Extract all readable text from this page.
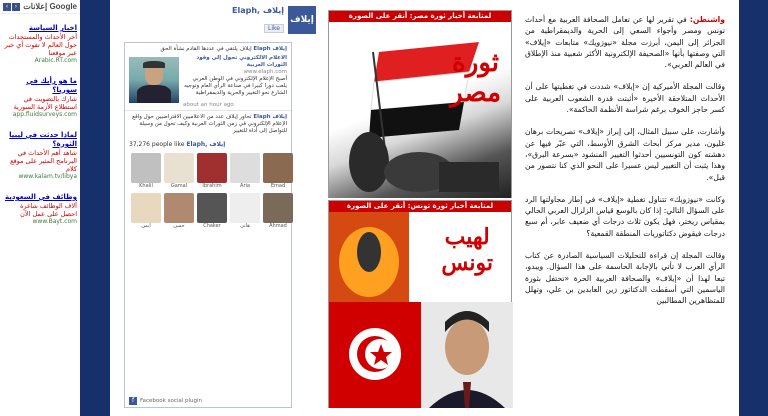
‹	› إعلانات Google
اخبار السياسة
آخر الأحداث والمستجدات حول العالم لا تفوت أي خبر عبر موقعنا
Arabic.RT.com
ما هو رأيك في سوريا؟
شارك بالتصويت في استطلاع الأزمة السورية
app.fluidsurveys.com
لماذا حدثت في ليبيا الثورة؟
شاهد أهم الأحداث في البرنامج المثير على موقع كلام
www.kalam.tv/libya
وظائف في السعودية
آلاف الوظائف شاغرة احصل على عمل الآن
www.Bayt.com
Elaph, إيلاف
Like
إيلاف
إيلاف Elaph إيلاف يلتقي في عددها القادم نشأة الحق
الاعلام الالكتروني تحول إلى وقود الثورات العربية
www.elaph.com
أصبح الإعلام الإلكتروني في الوطن العربي يلعب دورا كبيرا في صناعة الرأي العام وتوجيه الشارع نحو التغيير والحرية والديمقراطية
about an hour ago
إيلاف Elaph تحاور إيلاف عدد من الاعلاميين الافتراضيين حول واقع الإعلام الإلكتروني في زمن الثورات العربية وكيف تحول من وسيلة للتواصل إلى أداة للتغيير
37,276 people like Elaph, إيلاف
Khalil	Gamal	Ibrahim	Aria	Emad
ايمن	حسن	Chaker	هاني	Ahmad
f	Facebook social plugin
لمتابعة أخبار ثورة مصر: أنقر على الصورة
ثورة
مصر
لمتابعة أخبار ثورة تونس: أنقر على الصورة
لهيب
تونس

واشنطن: في تقرير لها عن تعامل الصحافة العربية مع أحداث تونس ومصر وأجواء السعي إلى الحرية والديمقراطية من الجزائر إلى اليمن، أبرزت مجلة «نيوزويك» متابعات «إيلاف» التي وصفتها بأنها «الصحيفة الإلكترونية الأكثر شعبية منذ الإطلاق في العالم العربي».

وقالت المجلة الأميركية إن «إيلاف» شددت في تغطيتها على أن الأحداث المتلاحقة الأخيرة «أثبتت قدرة الشعوب العربية على كسر حاجز الخوف برغم شراسة الأنظمة الحاكمة».

وأشارت، على سبيل المثال، إلى إبراز «إيلاف» تصريحات برهان غليون، مدير مركز أبحاث الشرق الأوسط، التي عبّر فيها عن دهشته كون التونسيين أحدثوا التغيير المنشود «بسرعة البرق»، وهذا يثبت أن التغيير ليس عسيرا على النحو الذي كنا نتصور من قبل».

وكانت «نيوزويك» تتناول تغطية «إيلاف» في إطار محاولتها الرد على السؤال التالي: إذا كان بالوسع قياس الزلزال العربي الحالي بمقياس ريختر، فهل يكون ثلاث درجات أي ضعيف عابر، أم سبع درجات فيقوض دكتاتوريات المنطقة القمعية؟

وقالت المجلة إن قراءة للتحليلات السياسية الصادرة عن كتاب الرأي العرب لا تأتي بالإجابة الحاسمة على هذا السؤال. ويبدو، تبعا لهذا أن «إيلاف» والصحافة العربية الحرة «تحتفل بثورة الياسمين التي أسقطت الدكتاتور زين العابدين بن علي، وتهلل للمتظاهرين المطالبين
